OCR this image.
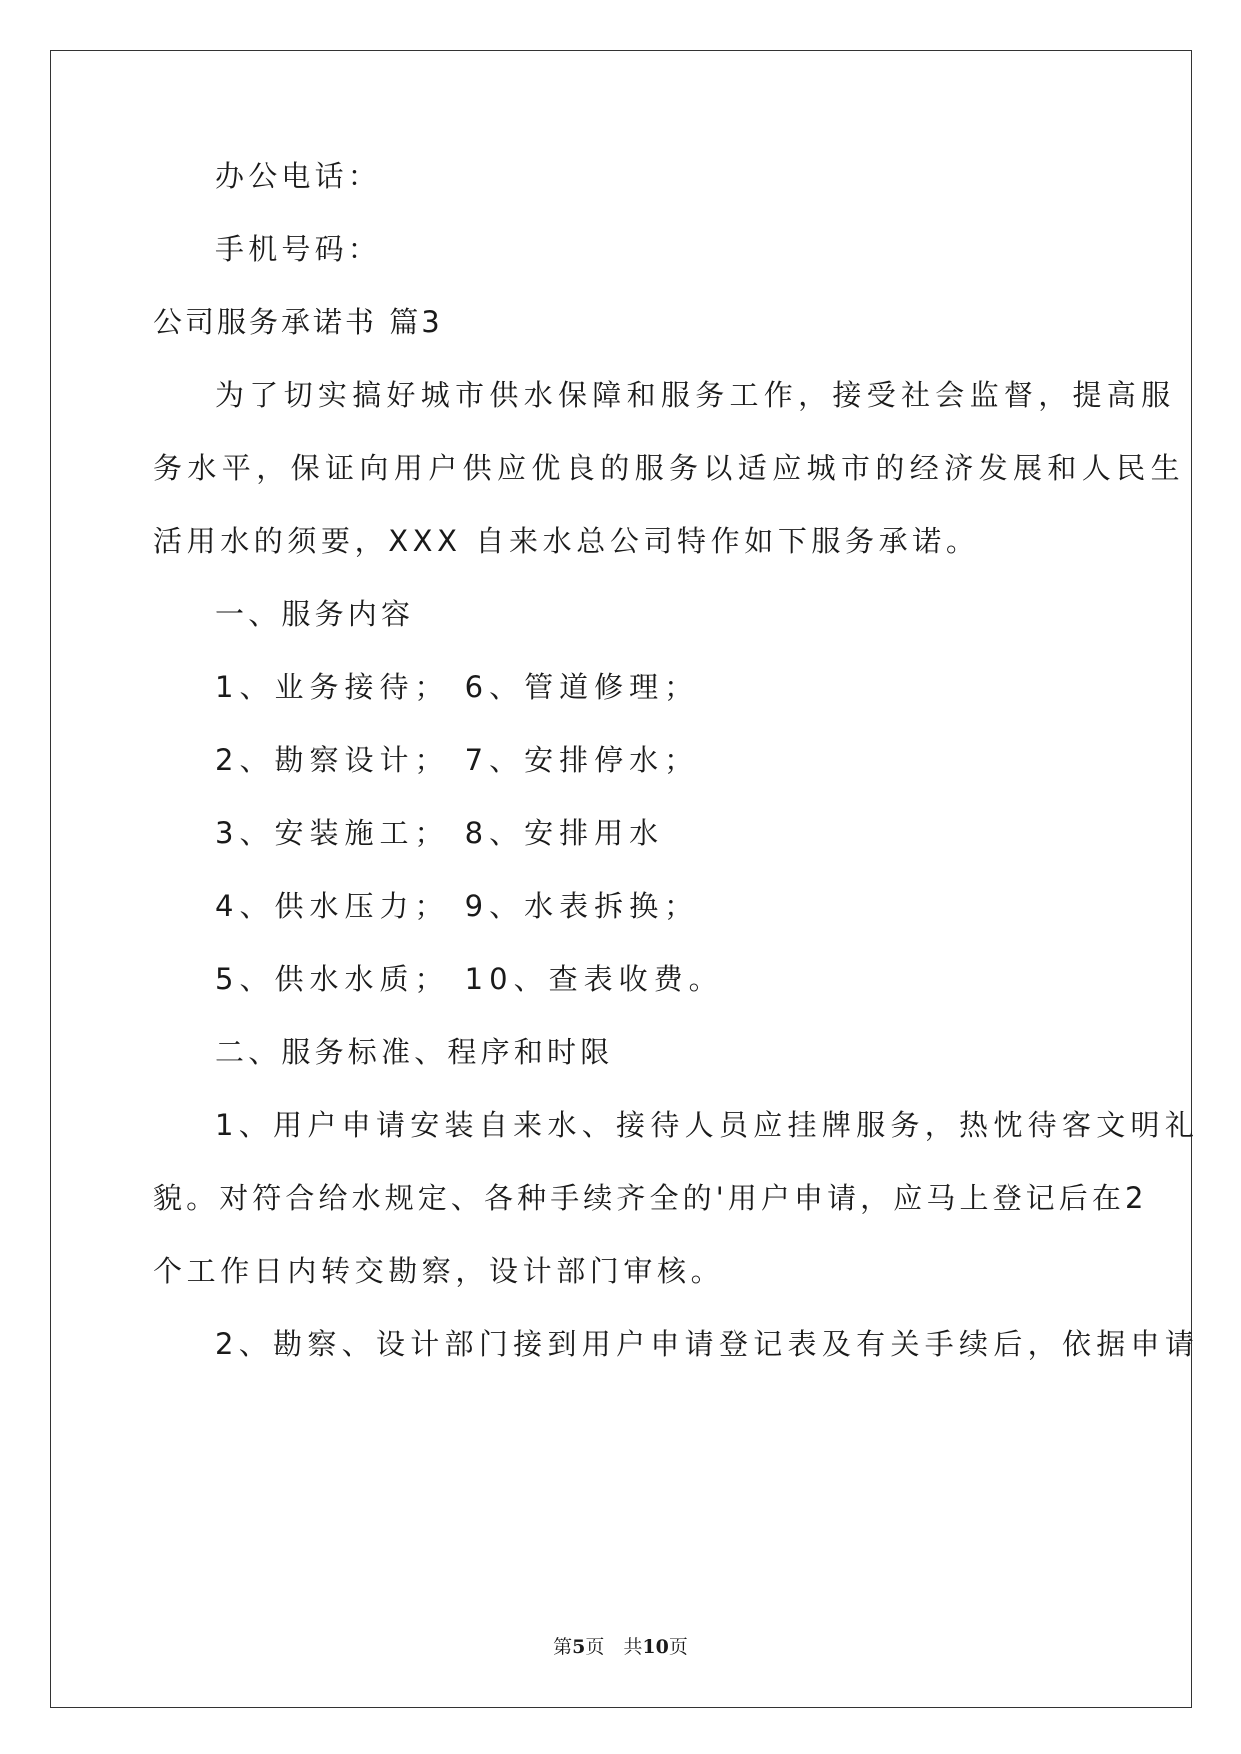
办公电话：
手机号码：
公司服务承诺书 篇3
为了切实搞好城市供水保障和服务工作，接受社会监督，提高服
务水平，保证向用户供应优良的服务以适应城市的经济发展和人民生
活用水的须要，XXX 自来水总公司特作如下服务承诺。
一、服务内容
1、业务接待； 6、管道修理；
2、勘察设计； 7、安排停水；
3、安装施工； 8、安排用水
4、供水压力； 9、水表拆换；
5、供水水质； 10、查表收费。
二、服务标准、程序和时限
1、用户申请安装自来水、接待人员应挂牌服务，热忱待客文明礼
貌。对符合给水规定、各种手续齐全的'用户申请，应马上登记后在2
个工作日内转交勘察，设计部门审核。
2、勘察、设计部门接到用户申请登记表及有关手续后，依据申请
第5页　共10页
